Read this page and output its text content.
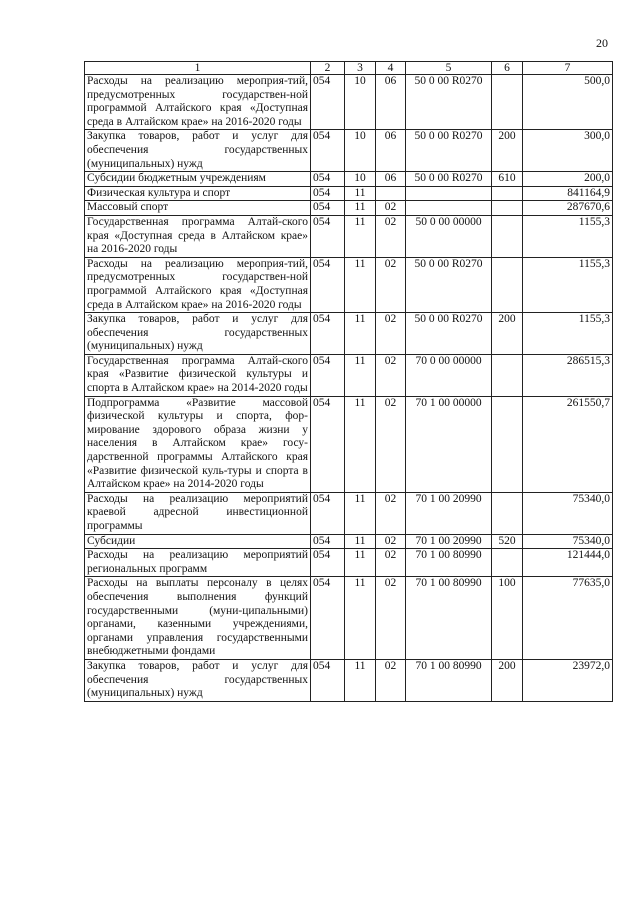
20
1	2	3	4	5	6	7
Расходы на реализацию мероприя-тий, предусмотренных государствен-ной программой Алтайского края «Доступная среда в Алтайском крае» на 2016-2020 годы	054	10	06	50 0 00 R0270		500,0
Закупка товаров, работ и услуг для обеспечения государственных (муниципальных) нужд	054	10	06	50 0 00 R0270	200	300,0
Субсидии бюджетным учреждениям	054	10	06	50 0 00 R0270	610	200,0
Физическая культура и спорт	054	11				841164,9
Массовый спорт	054	11	02			287670,6
Государственная программа Алтай-ского края «Доступная среда в Алтайском крае» на 2016-2020 годы	054	11	02	50 0 00 00000		1155,3
Расходы на реализацию мероприя-тий, предусмотренных государствен-ной программой Алтайского края «Доступная среда в Алтайском крае» на 2016-2020 годы	054	11	02	50 0 00 R0270		1155,3
Закупка товаров, работ и услуг для обеспечения государственных (муниципальных) нужд	054	11	02	50 0 00 R0270	200	1155,3
Государственная программа Алтай-ского края «Развитие физической культуры и спорта в Алтайском крае» на 2014-2020 годы	054	11	02	70 0 00 00000		286515,3
Подпрограмма «Развитие массовой физической культуры и спорта, фор-мирование здорового образа жизни у населения в Алтайском крае» госу-дарственной программы Алтайского края «Развитие физической куль-туры и спорта в Алтайском крае» на 2014-2020 годы	054	11	02	70 1 00 00000		261550,7
Расходы на реализацию мероприятий краевой адресной инвестиционной программы	054	11	02	70 1 00 20990		75340,0
Субсидии	054	11	02	70 1 00 20990	520	75340,0
Расходы на реализацию мероприятий региональных программ	054	11	02	70 1 00 80990		121444,0
Расходы на выплаты персоналу в целях обеспечения выполнения функций государственными (муни-ципальными) органами, казенными учреждениями, органами управления государственными внебюджетными фондами	054	11	02	70 1 00 80990	100	77635,0
Закупка товаров, работ и услуг для обеспечения государственных (муниципальных) нужд	054	11	02	70 1 00 80990	200	23972,0
